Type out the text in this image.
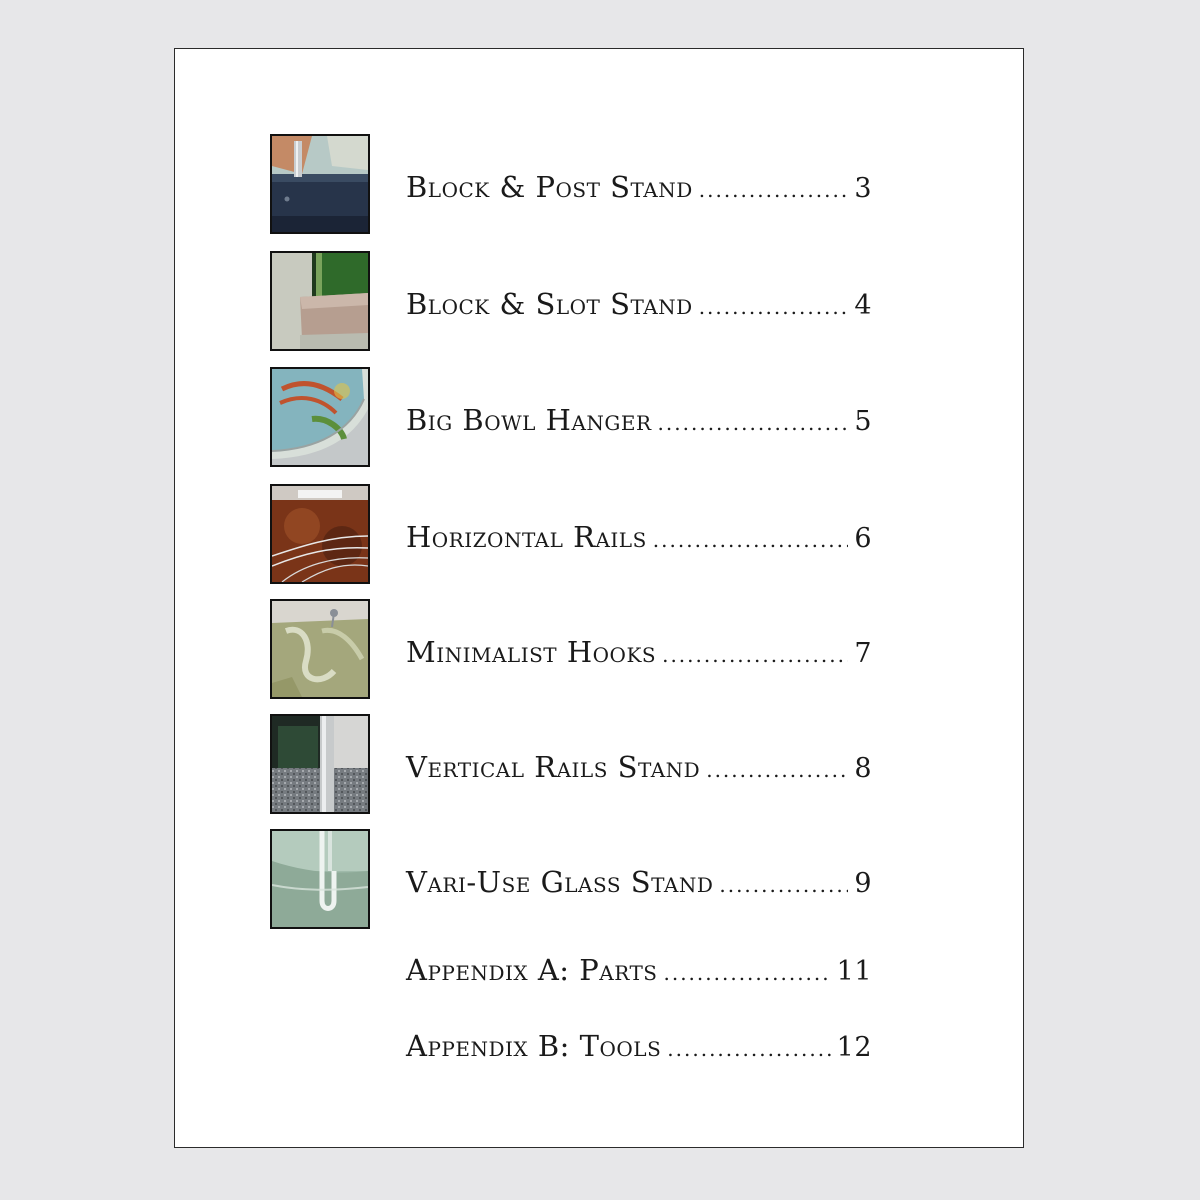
Block & Post Stand .....	3
Block & Slot Stand .....	4
Big Bowl Hanger .....	5
Horizontal Rails .....	6
Minimalist Hooks .....	7
Vertical Rails Stand .....	8
Vari-Use Glass Stand .....	9
Appendix A: Parts .....	11
Appendix B: Tools .....	12
